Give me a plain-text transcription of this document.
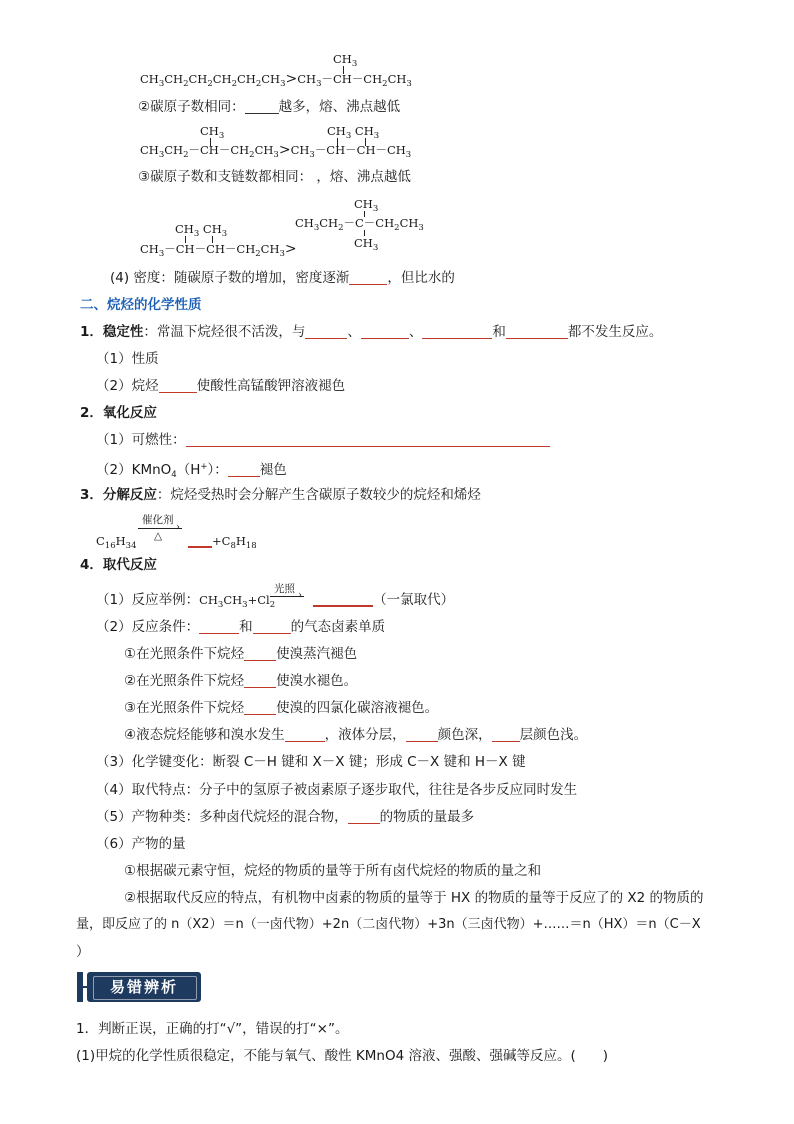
$CH_3$
$CH_3CH_2CH_2CH_2CH_2CH_3>CH_3-CH-CH_2CH_3$
②碳原子数相同：	越多，熔、沸点越低
$CH_3$	$CH_3$ $CH_3$
$CH_3CH_2-CH-CH_2CH_3>CH_3-CH-CH-CH_3$
③碳原子数和支链数都相同： ，熔、沸点越低
$CH_3$
$CH_3CH_2-C-CH_2CH_3$
$CH_3$
$CH_3$ $CH_3$
$CH_3-CH-CH-CH_2CH_3>$
(4) 密度：随碳原子数的增加，密度逐渐	，但比水的
二、烷烃的化学性质
1．稳定性：常温下烷烃很不活泼，与	、	、	和	都不发生反应。
（1）性质
（2）烷烃	使酸性高锰酸钾溶液褪色
2．氧化反应
（1）可燃性：
（2）KMnO$_4$（H+）： 褪色
3．分解反应：烷烃受热时会分解产生含碳原子数较少的烷烃和烯烃
催化剂
›
△
$C_{16}H_{34}$	$+C_8H_{18}$
4．取代反应
光照
›
（1）反应举例：$CH_3CH_3+Cl_2$	（一氯取代）
（2）反应条件：	和	的气态卤素单质
①在光照条件下烷烃 使溴蒸汽褪色
②在光照条件下烷烃 使溴水褪色。
③在光照条件下烷烃 使溴的四氯化碳溶液褪色。
④液态烷烃能够和溴水发生	，液体分层， 颜色深， 层颜色浅。
（3）化学键变化：断裂 C－H 键和 X－X 键；形成 C－X 键和 H－X 键
（4）取代特点：分子中的氢原子被卤素原子逐步取代，往往是各步反应同时发生
（5）产物种类：多种卤代烷烃的混合物， 的物质的量最多
（6）产物的量
①根据碳元素守恒，烷烃的物质的量等于所有卤代烷烃的物质的量之和
②根据取代反应的特点，有机物中卤素的物质的量等于 HX 的物质的量等于反应了的 X2 的物质的
量，即反应了的 n（X2）＝n（一卤代物）+2n（二卤代物）+3n（三卤代物）+……＝n（HX）＝n（C－X
）
易错辨析
1．判断正误，正确的打“√”，错误的打“×”。
(1)甲烷的化学性质很稳定，不能与氧气、酸性 KMnO4 溶液、强酸、强碱等反应。(　　)
